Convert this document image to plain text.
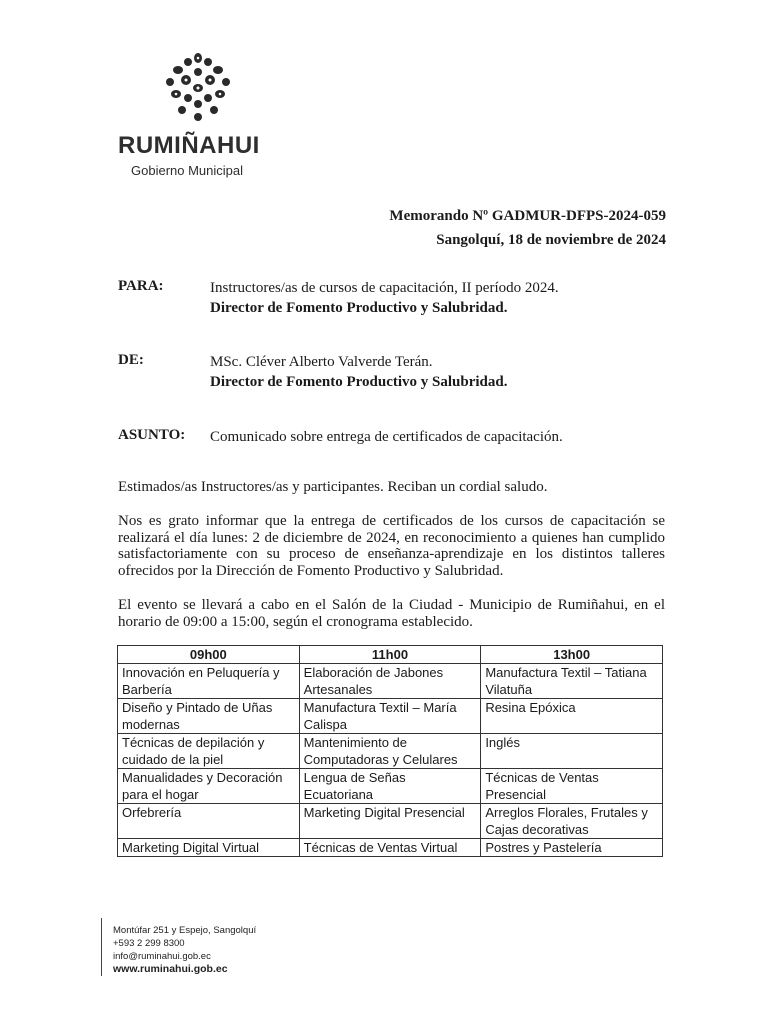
RUMIÑAHUI
Gobierno Municipal
Memorando Nº GADMUR-DFPS-2024-059
Sangolquí, 18 de noviembre de 2024
PARA:	Instructores/as de cursos de capacitación, II período 2024.
Director de Fomento Productivo y Salubridad.
DE:	MSc. Cléver Alberto Valverde Terán.
Director de Fomento Productivo y Salubridad.
ASUNTO: Comunicado sobre entrega de certificados de capacitación.

Estimados/as Instructores/as y participantes. Reciban un cordial saludo.

Nos es grato informar que la entrega de certificados de los cursos de capacitación se realizará el día lunes: 2 de diciembre de 2024, en reconocimiento a quienes han cumplido satisfactoriamente con su proceso de enseñanza-aprendizaje en los distintos talleres ofrecidos por la Dirección de Fomento Productivo y Salubridad.

El evento se llevará a cabo en el Salón de la Ciudad - Municipio de Rumiñahui, en el horario de 09:00 a 15:00, según el cronograma establecido.

09h00	11h00	13h00
Innovación en Peluquería y Barbería	Elaboración de Jabones Artesanales	Manufactura Textil – Tatiana Vilatuña
Diseño y Pintado de Uñas modernas	Manufactura Textil – María Calispa	Resina Epóxica
Técnicas de depilación y cuidado de la piel	Mantenimiento de Computadoras y Celulares	Inglés
Manualidades y Decoración para el hogar	Lengua de Señas Ecuatoriana	Técnicas de Ventas Presencial
Orfebrería	Marketing Digital Presencial	Arreglos Florales, Frutales y Cajas decorativas
Marketing Digital Virtual	Técnicas de Ventas Virtual	Postres y Pastelería
Montúfar 251 y Espejo, Sangolquí
+593 2 299 8300
info@ruminahui.gob.ec
www.ruminahui.gob.ec
